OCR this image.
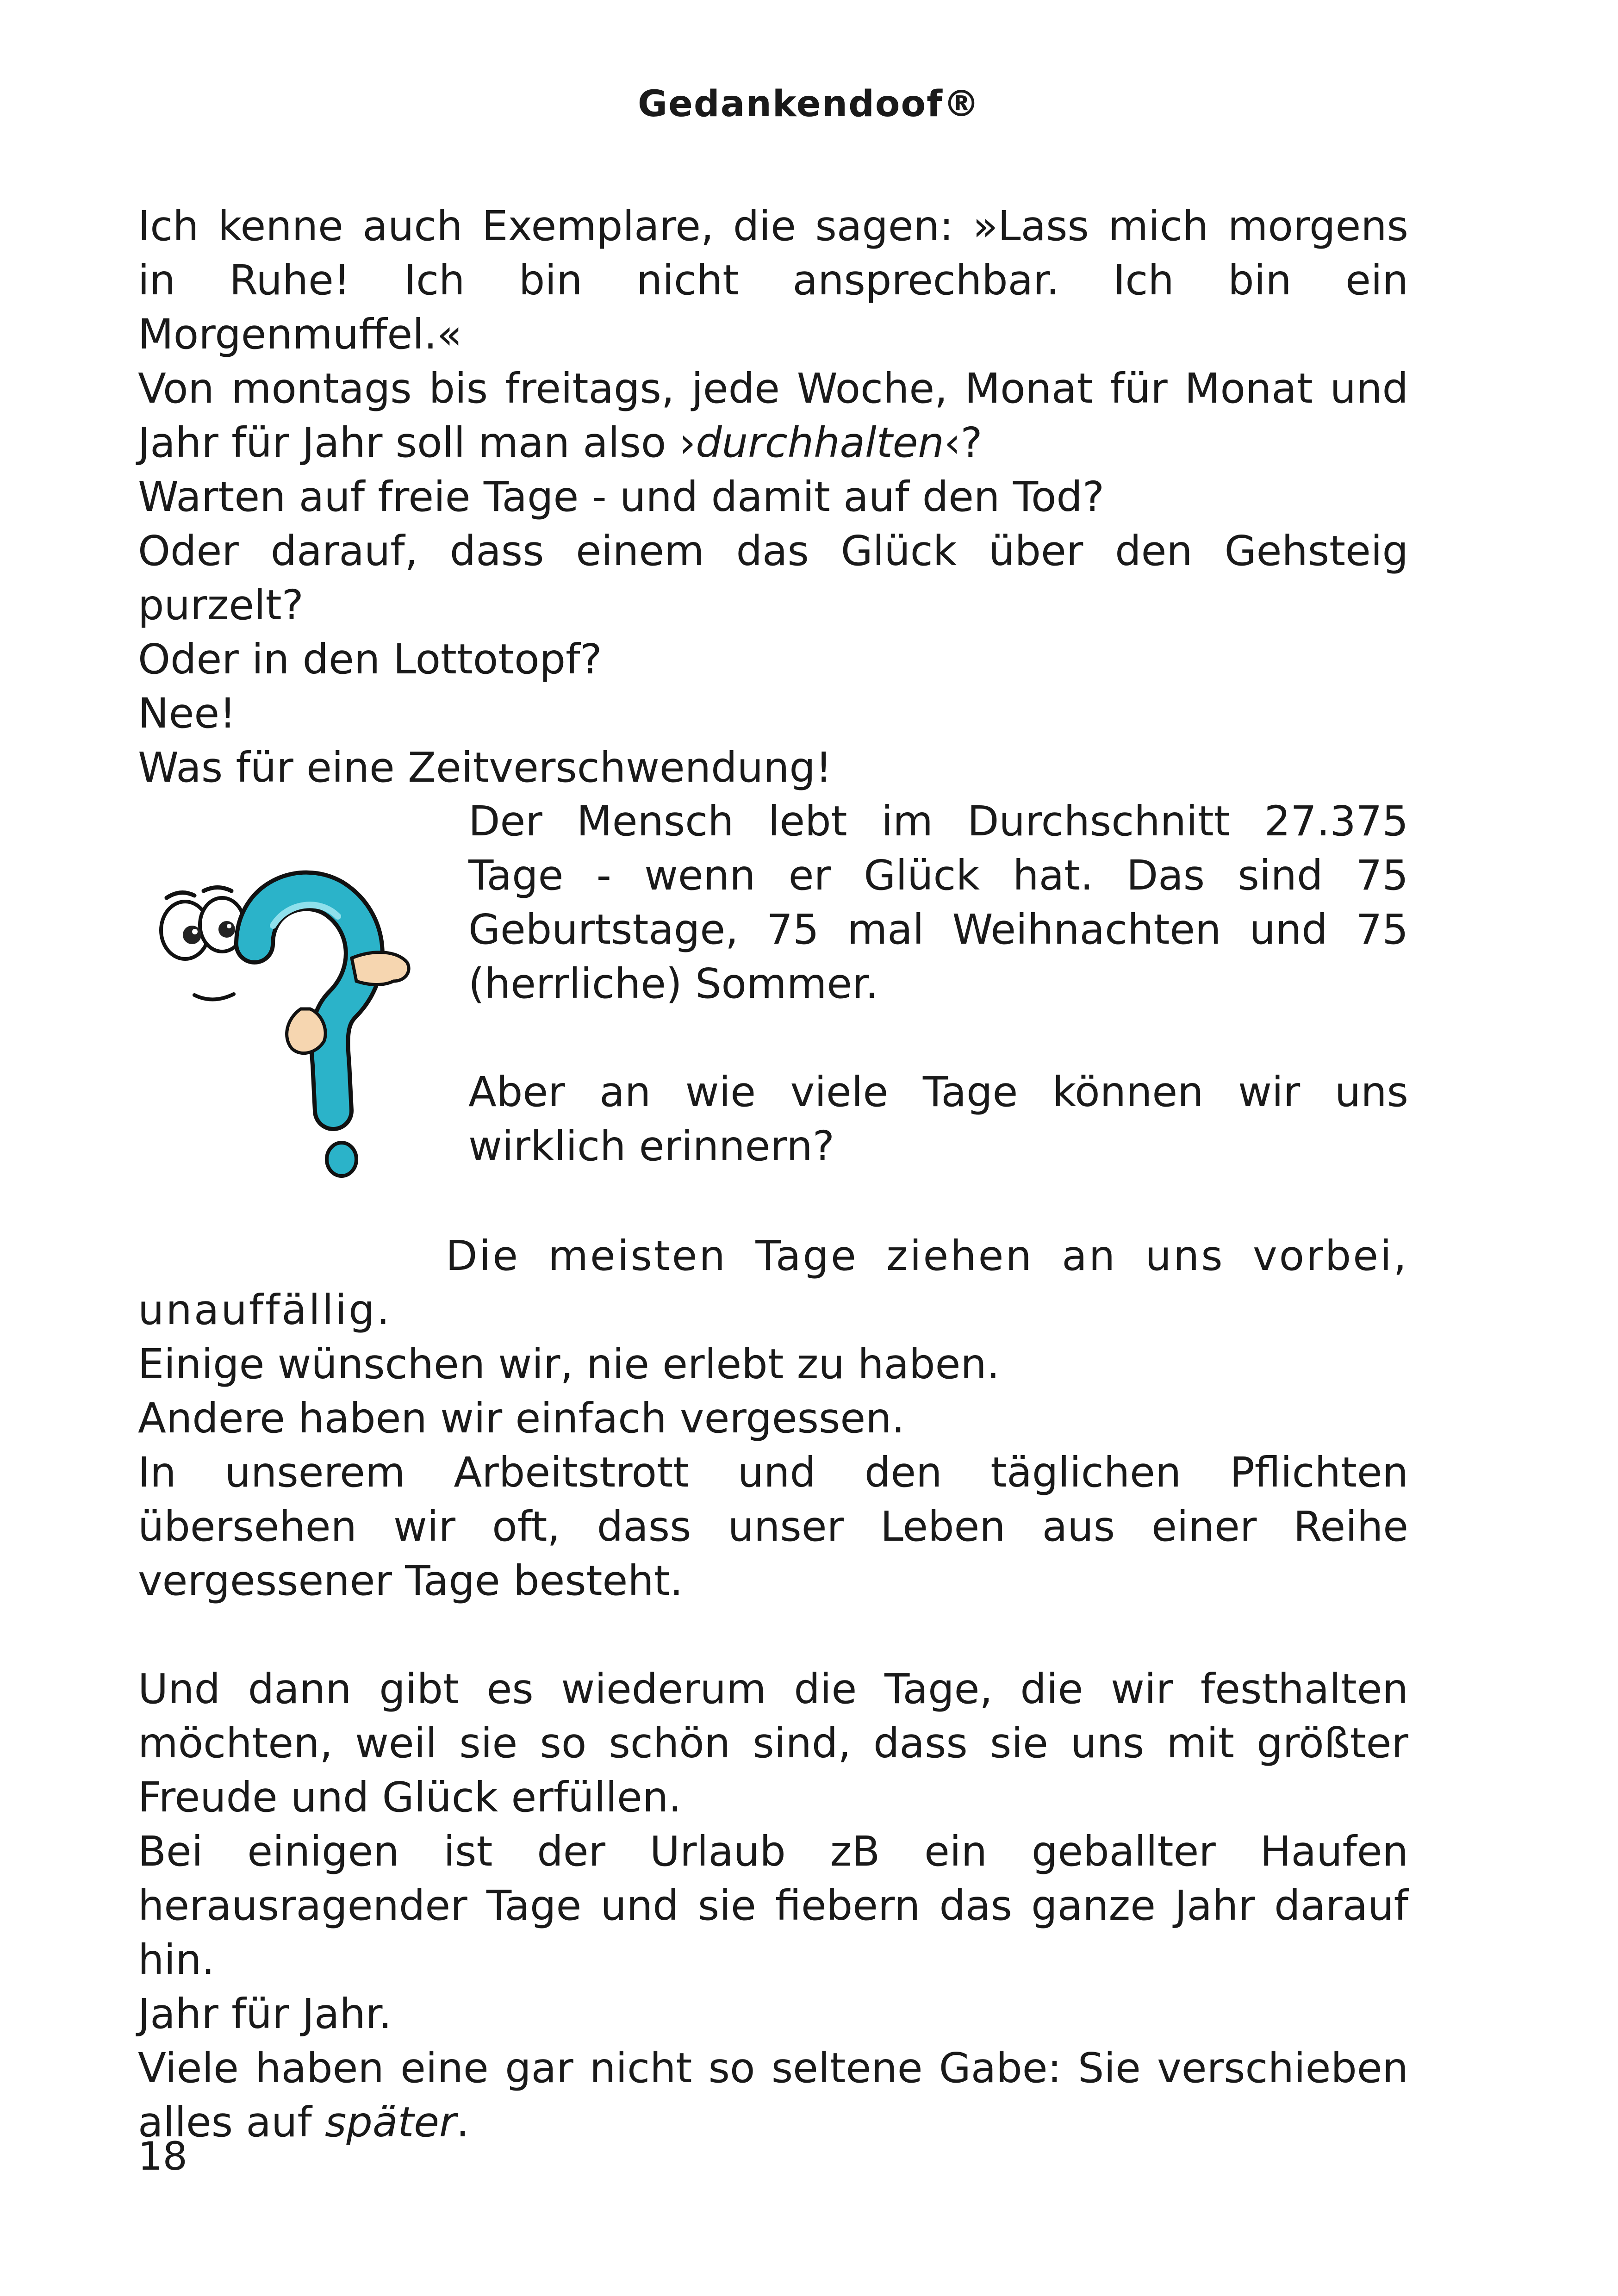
Gedankendoof®

Ich kenne auch Exemplare, die sagen: »Lass mich morgens in Ruhe! Ich bin nicht ansprechbar. Ich bin ein Morgenmuffel.«

Von montags bis freitags, jede Woche, Monat für Monat und Jahr für Jahr soll man also ›durchhalten‹?

Warten auf freie Tage - und damit auf den Tod?

Oder darauf, dass einem das Glück über den Gehsteig purzelt?

Oder in den Lottotopf?

Nee!

Was für eine Zeitverschwendung!

Der Mensch lebt im Durchschnitt 27.375 Tage - wenn er Glück hat. Das sind 75 Geburtstage, 75 mal Weihnachten und 75 (herrliche) Sommer.

Aber an wie viele Tage können wir uns wirklich erinnern?

Die meisten Tage ziehen an uns vorbei, unauffällig.

Einige wünschen wir, nie erlebt zu haben.

Andere haben wir einfach vergessen.

In unserem Arbeitstrott und den täglichen Pflichten übersehen wir oft, dass unser Leben aus einer Reihe vergessener Tage besteht.

Und dann gibt es wiederum die Tage, die wir festhalten möchten, weil sie so schön sind, dass sie uns mit größter Freude und Glück erfüllen.

Bei einigen ist der Urlaub zB ein geballter Haufen herausragender Tage und sie fiebern das ganze Jahr darauf hin.

Jahr für Jahr.

Viele haben eine gar nicht so seltene Gabe: Sie verschieben alles auf später.

18
